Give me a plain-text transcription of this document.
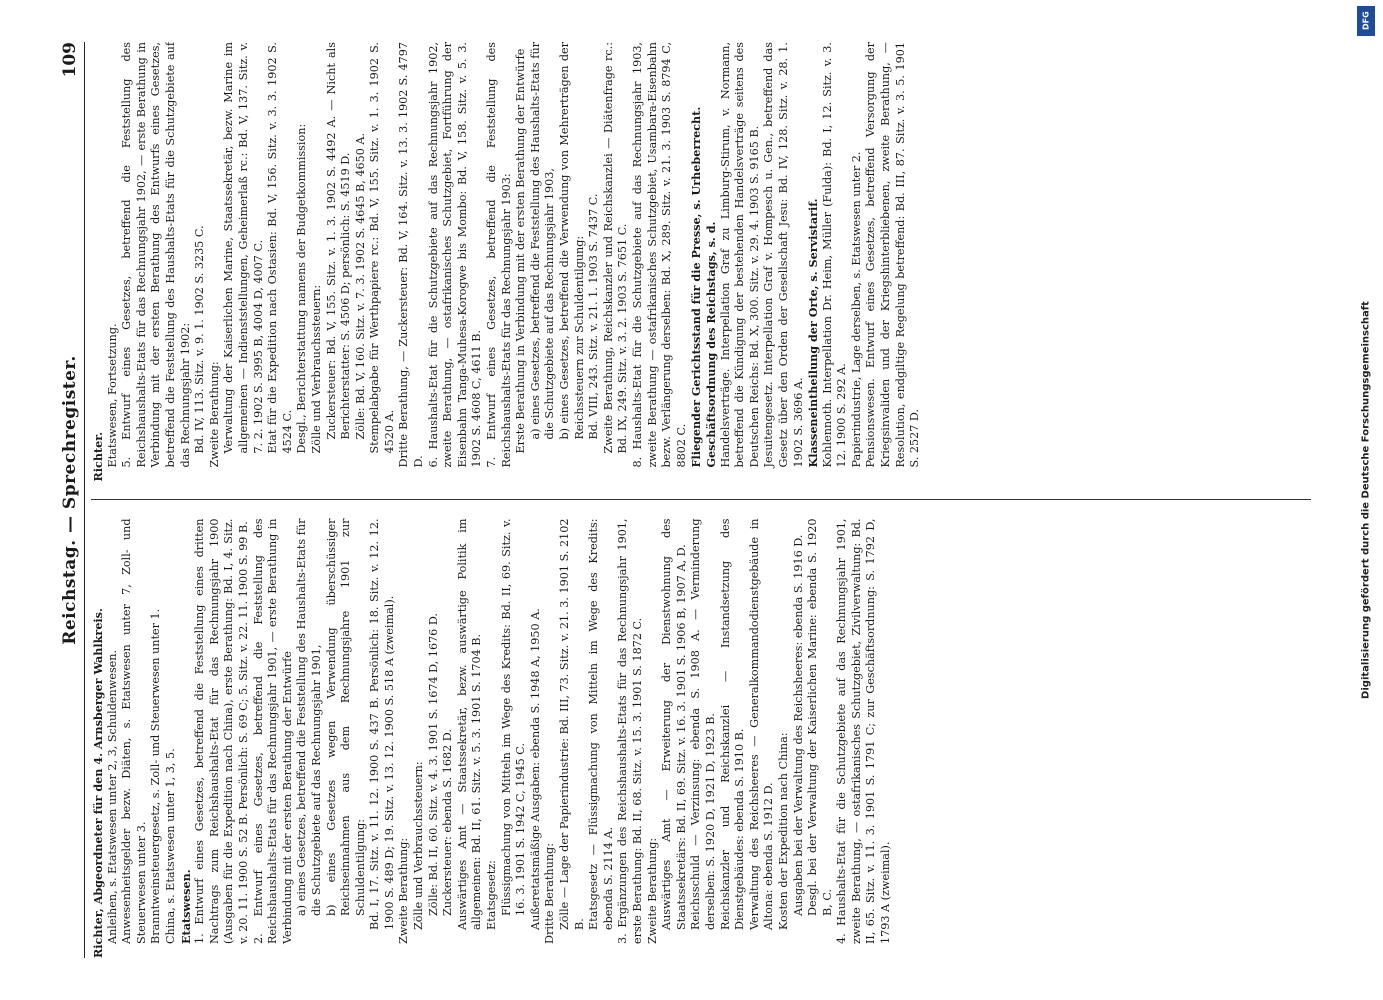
Reichstag. — Sprechregister.
109
Richter, Abgeordneter für den 4. Arnsberger Wahlkreis. Anleihen, s. Etatswesen unter 2, 3, Schuldenwesen. Anwesenheitsgelder bezw. Diäten, s. Etatswesen unter 7, Zoll- und Steuerwesen unter 3. Branntweinsteuergesetz, s. Zoll- und Steuerwesen unter 1. China, s. Etatswesen unter 1, 3, 5. Etatswesen. 1. Entwurf eines Gesetzes, betreffend die Feststellung eines dritten Nachtrags zum Reichshaushalts-Etat für das Rechnungsjahr 1900 (Ausgaben für die Expedition nach China), erste Berathung: Bd. I, 4. Sitz. v. 20. 11. 1900 S. 52 B. Persönlich: S. 69 C; 5. Sitz. v. 22. 11. 1900 S. 99 B. 2. Entwurf eines Gesetzes, betreffend die Feststellung des Reichshaushalts-Etats für das Rechnungsjahr 1901, — erste Berathung in Verbindung mit der ersten Berathung der Entwürfe a) eines Gesetzes, betreffend die Feststellung des Haushalts-Etats für die Schutzgebiete auf das Rechnungsjahr 1901, b) eines Gesetzes wegen Verwendung überschüssiger Reichseinnahmen aus dem Rechnungsjahre 1901 zur Schuldentilgung: Bd. I, 17. Sitz. v. 11. 12. 1900 S. 437 B. Persönlich: 18. Sitz. v. 12. 12. 1900 S. 489 D; 19. Sitz. v. 13. 12. 1900 S. 518 A (zweimal). Zweite Berathung: Zölle und Verbrauchssteuern: Zölle: Bd. II, 60. Sitz. v. 4. 3. 1901 S. 1674 D, 1676 D. Zuckersteuer: ebenda S. 1682 D. Auswärtiges Amt — Staatssekretär, bezw. auswärtige Politik im allgemeinen: Bd. II, 61. Sitz. v. 5. 3. 1901 S. 1704 B. Etatsgesetz: Flüssigmachung von Mitteln im Wege des Kredits: Bd. II, 69. Sitz. v. 16. 3. 1901 S. 1942 C, 1945 C. Außeretatsmäßige Ausgaben: ebenda S. 1948 A, 1950 A. Dritte Berathung: Zölle — Lage der Papierindustrie: Bd. III, 73. Sitz. v. 21. 3. 1901 S. 2102 B. Etatsgesetz — Flüssigmachung von Mitteln im Wege des Kredits: ebenda S. 2114 A. 3. Ergänzungen des Reichshaushalts-Etats für das Rechnungsjahr 1901, erste Berathung: Bd. II, 68. Sitz. v. 15. 3. 1901 S. 1872 C. Zweite Berathung: Auswärtiges Amt — Erweiterung der Dienstwohnung des Staatssekretärs: Bd. II, 69. Sitz. v. 16. 3. 1901 S. 1906 B, 1907 A, D. Reichsschuld — Verzinsung: ebenda S. 1908 A. — Verminderung derselben: S. 1920 D, 1921 D, 1923 B. Reichskanzler und Reichskanzlei — Instandsetzung des Dienstgebäudes: ebenda S. 1910 B. Verwaltung des Reichsheeres — Generalkommandodienstgebäude in Altona: ebenda S. 1912 D. Kosten der Expedition nach China: Ausgaben bei der Verwaltung des Reichsheeres: ebenda S. 1916 D. Desgl. bei der Verwaltung der Kaiserlichen Marine: ebenda S. 1920 B, C. 4. Haushalts-Etat für die Schutzgebiete auf das Rechnungsjahr 1901, zweite Berathung, — ostafrikanisches Schutzgebiet, Zivilverwaltung: Bd. II, 65. Sitz. v. 11. 3. 1901 S. 1791 C; zur Geschäftsordnung: S. 1792 D, 1793 A (zweimal).
Richter. Etatswesen, Fortsetzung. 5. Entwurf eines Gesetzes, betreffend die Feststellung des Reichshaushalts-Etats für das Rechnungsjahr 1902, — erste Berathung in Verbindung mit der ersten Berathung des Entwurfs eines Gesetzes, betreffend die Feststellung des Haushalts-Etats für die Schutzgebiete auf das Rechnungsjahr 1902: Bd. IV, 113. Sitz. v. 9. 1. 1902 S. 3235 C. Zweite Berathung: Verwaltung der Kaiserlichen Marine, Staatssekretär, bezw. Marine im allgemeinen — Indienststellungen, Geheimerlaß rc.: Bd. V, 137. Sitz. v. 7. 2. 1902 S. 3995 B, 4004 D, 4007 C. Etat für die Expedition nach Ostasien: Bd. V, 156. Sitz. v. 3. 3. 1902 S. 4524 C. Desgl., Berichterstattung namens der Budgetkommission: Zölle und Verbrauchssteuern: Zuckersteuer: Bd. V, 155. Sitz. v. 1. 3. 1902 S. 4492 A. — Nicht als Berichterstatter: S. 4506 D; persönlich: S. 4519 D. Zölle: Bd. V, 160. Sitz. v. 7. 3. 1902 S. 4645 B, 4650 A. Stempelabgabe für Werthpapiere rc.: Bd. V, 155. Sitz. v. 1. 3. 1902 S. 4520 A. Dritte Berathung, — Zuckersteuer: Bd. V, 164. Sitz. v. 13. 3. 1902 S. 4797 D. 6. Haushalts-Etat für die Schutzgebiete auf das Rechnungsjahr 1902, zweite Berathung, — ostafrikanisches Schutzgebiet, Fortführung der Eisenbahn Tanga-Muhesa-Korogwe bis Mombo: Bd. V, 158. Sitz. v. 5. 3. 1902 S. 4608 C, 4611 B. 7. Entwurf eines Gesetzes, betreffend die Feststellung des Reichshaushalts-Etats für das Rechnungsjahr 1903: Erste Berathung in Verbindung mit der ersten Berathung der Entwürfe a) eines Gesetzes, betreffend die Feststellung des Haushalts-Etats für die Schutzgebiete auf das Rechnungsjahr 1903, b) eines Gesetzes, betreffend die Verwendung von Mehrerträgen der Reichssteuern zur Schuldentilgung: Bd. VIII, 243. Sitz. v. 21. 1. 1903 S. 7437 C. Zweite Berathung, Reichskanzler und Reichskanzlei — Diätenfrage rc.: Bd. IX, 249. Sitz. v. 3. 2. 1903 S. 7651 C. 8. Haushalts-Etat für die Schutzgebiete auf das Rechnungsjahr 1903, zweite Berathung — ostafrikanisches Schutzgebiet, Usambara-Eisenbahn bezw. Verlängerung derselben: Bd. X, 289. Sitz. v. 21. 3. 1903 S. 8794 C, 8802 C. Fliegender Gerichtsstand für die Presse, s. Urheberrecht. Geschäftsordnung des Reichstags, s. d. Handelsverträge. Interpellation Graf zu Limburg-Stirum, v. Normann, betreffend die Kündigung der bestehenden Handelsverträge seitens des Deutschen Reichs: Bd. X, 300. Sitz. v. 29. 4. 1903 S. 9165 B. Jesuitengesetz. Interpellation Graf v. Hompesch u. Gen., betreffend das Gesetz über den Orden der Gesellschaft Jesu: Bd. IV, 128. Sitz. v. 28. 1. 1902 S. 3696 A. Klasseneintheilung der Orte, s. Servistarif. Kohlennoth. Interpellation Dr. Heim, Müller (Fulda): Bd. I, 12. Sitz. v. 3. 12. 1900 S. 292 A. Papierindustrie, Lage derselben, s. Etatswesen unter 2. Pensionswesen. Entwurf eines Gesetzes, betreffend Versorgung der Kriegsinvaliden und der Kriegshinterbliebenen, zweite Berathung, — Resolution, endgiltige Regelung betreffend: Bd. III, 87. Sitz. v. 3. 5. 1901 S. 2527 D.	Digitalisierung gefördert durch die Deutsche Forschungsgemeinschaft
DFG
